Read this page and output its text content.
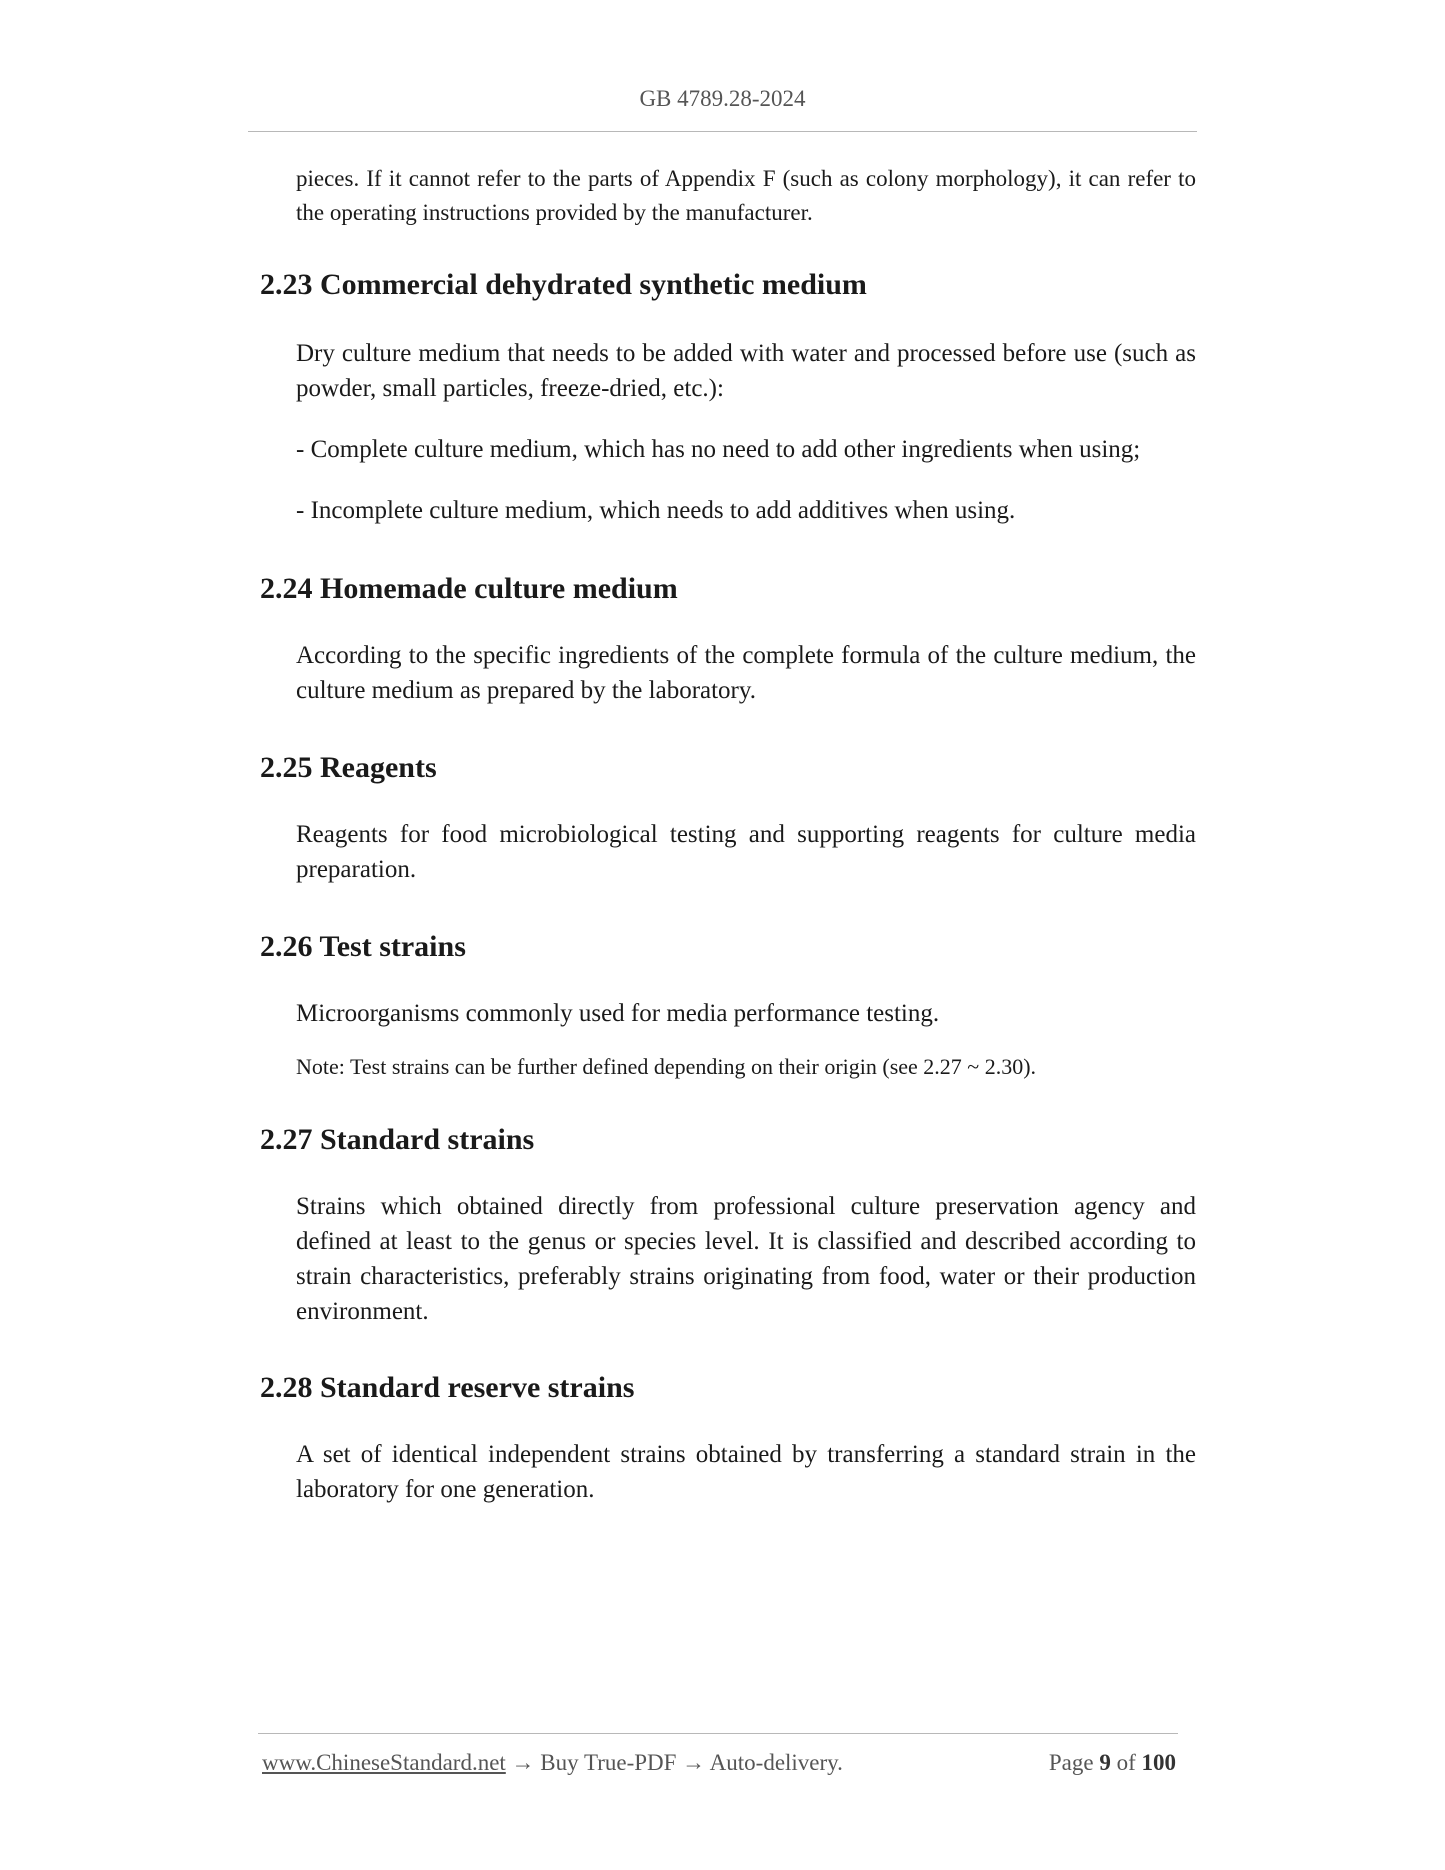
GB 4789.28-2024

pieces. If it cannot refer to the parts of Appendix F (such as colony morphology), it can refer to the operating instructions provided by the manufacturer.

2.23 Commercial dehydrated synthetic medium

Dry culture medium that needs to be added with water and processed before use (such as powder, small particles, freeze-dried, etc.):

- Complete culture medium, which has no need to add other ingredients when using;

- Incomplete culture medium, which needs to add additives when using.

2.24 Homemade culture medium

According to the specific ingredients of the complete formula of the culture medium, the culture medium as prepared by the laboratory.

2.25 Reagents

Reagents for food microbiological testing and supporting reagents for culture media preparation.

2.26 Test strains

Microorganisms commonly used for media performance testing.

Note: Test strains can be further defined depending on their origin (see 2.27 ~ 2.30).

2.27 Standard strains

Strains which obtained directly from professional culture preservation agency and defined at least to the genus or species level. It is classified and described according to strain characteristics, preferably strains originating from food, water or their production environment.

2.28 Standard reserve strains

A set of identical independent strains obtained by transferring a standard strain in the laboratory for one generation.

www.ChineseStandard.net → Buy True-PDF → Auto-delivery.	Page 9 of 100
